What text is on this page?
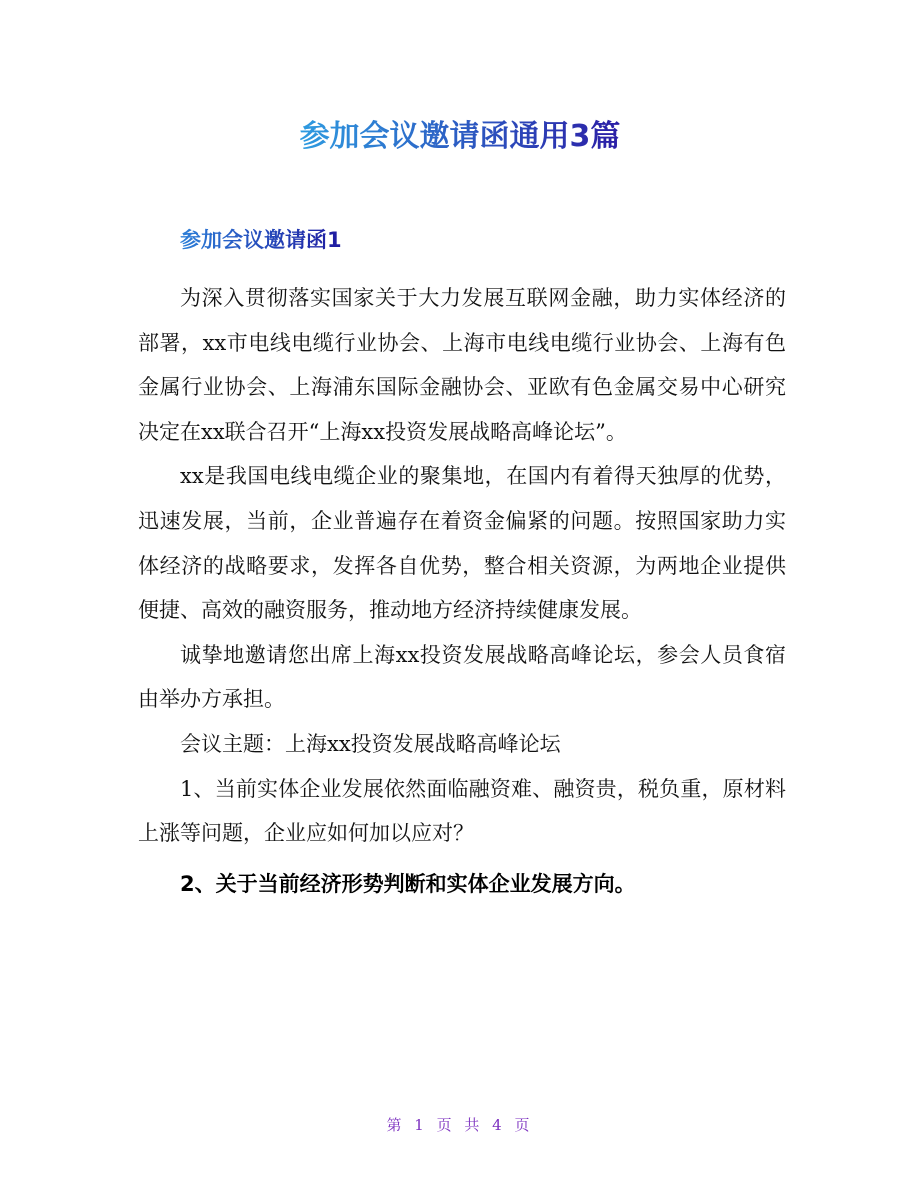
参加会议邀请函通用3篇
参加会议邀请函1

为深入贯彻落实国家关于大力发展互联网金融，助力实体经济的部署，xx市电线电缆行业协会、上海市电线电缆行业协会、上海有色金属行业协会、上海浦东国际金融协会、亚欧有色金属交易中心研究决定在xx联合召开“上海xx投资发展战略高峰论坛”。

xx是我国电线电缆企业的聚集地，在国内有着得天独厚的优势，迅速发展，当前，企业普遍存在着资金偏紧的问题。按照国家助力实体经济的战略要求，发挥各自优势，整合相关资源，为两地企业提供便捷、高效的融资服务，推动地方经济持续健康发展。

诚挚地邀请您出席上海xx投资发展战略高峰论坛，参会人员食宿由举办方承担。

会议主题：上海xx投资发展战略高峰论坛

1、当前实体企业发展依然面临融资难、融资贵，税负重，原材料上涨等问题，企业应如何加以应对？

2、关于当前经济形势判断和实体企业发展方向。

第 1 页 共 4 页
